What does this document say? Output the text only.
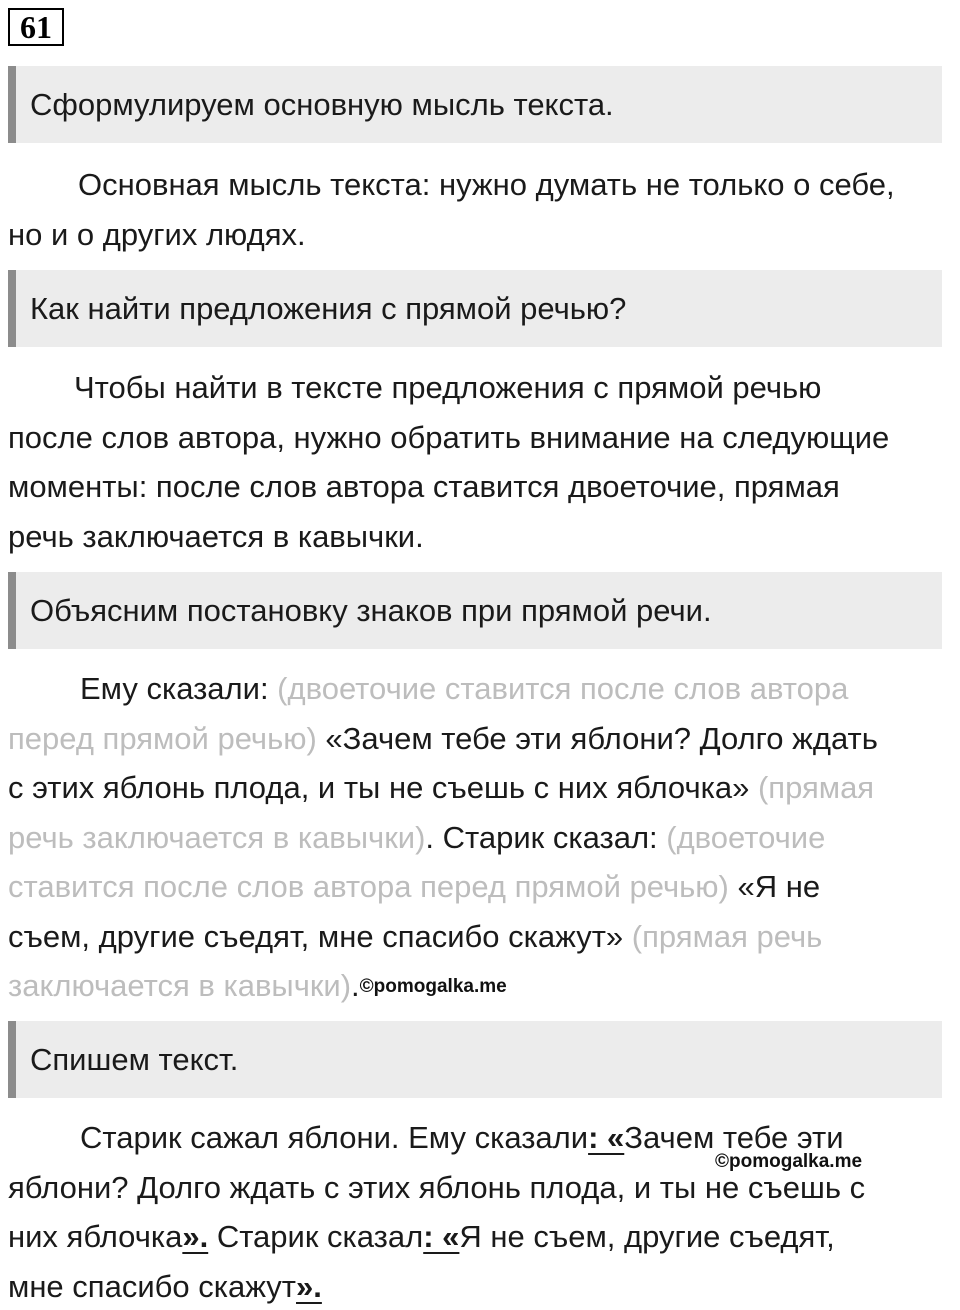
61
Сформулируем основную мысль текста.
Основная мысль текста: нужно думать не только о себе,
но и о других людях.
Как найти предложения с прямой речью?
Чтобы найти в тексте предложения с прямой речью
после слов автора, нужно обратить внимание на следующие
моменты: после слов автора ставится двоеточие, прямая
речь заключается в кавычки.
Объясним постановку знаков при прямой речи.
Ему сказали: (двоеточие ставится после слов автора
перед прямой речью) «Зачем тебе эти яблони? Долго ждать
с этих яблонь плода, и ты не съешь с них яблочка» (прямая
речь заключается в кавычки). Старик сказал: (двоеточие
ставится после слов автора перед прямой речью) «Я не
съем, другие съедят, мне спасибо скажут» (прямая речь
заключается в кавычки).©pomogalka.me
Спишем текст.
Старик сажал яблони. Ему сказали: «Зачем тебе эти
яблони? Долго ждать с этих яблонь плода, и ты не съешь с
них яблочка». Старик сказал: «Я не съем, другие съедят,
мне спасибо скажут».
©pomogalka.me
